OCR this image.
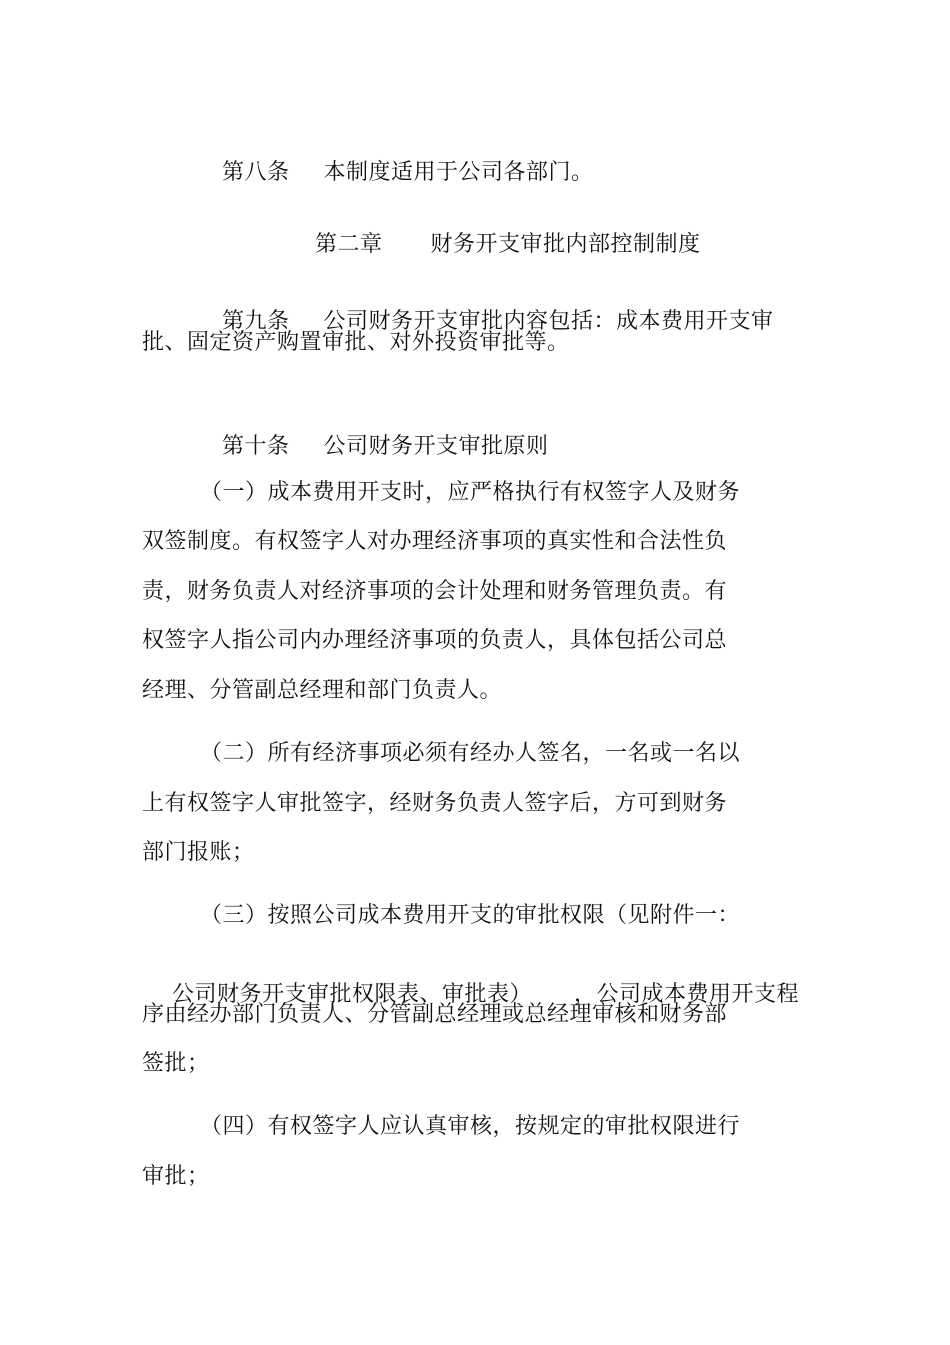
第八条 本制度适用于公司各部门。

第二章 财务开支审批内部控制制度

第九条 公司财务开支审批内容包括：成本费用开支审

批、固定资产购置审批、对外投资审批等。

第十条 公司财务开支审批原则

（一）成本费用开支时，应严格执行有权签字人及财务
双签制度。有权签字人对办理经济事项的真实性和合法性负
责，财务负责人对经济事项的会计处理和财务管理负责。有
权签字人指公司内办理经济事项的负责人，具体包括公司总
经理、分管副总经理和部门负责人。
（二）所有经济事项必须有经办人签名，一名或一名以
上有权签字人审批签字，经财务负责人签字后，方可到财务
部门报账；
（三）按照公司成本费用开支的审批权限（见附件一：

公司财务开支审批权限表、审批表） ，公司成本费用开支程

序由经办部门负责人、分管副总经理或总经理审核和财务部
签批；
（四）有权签字人应认真审核，按规定的审批权限进行
审批；
